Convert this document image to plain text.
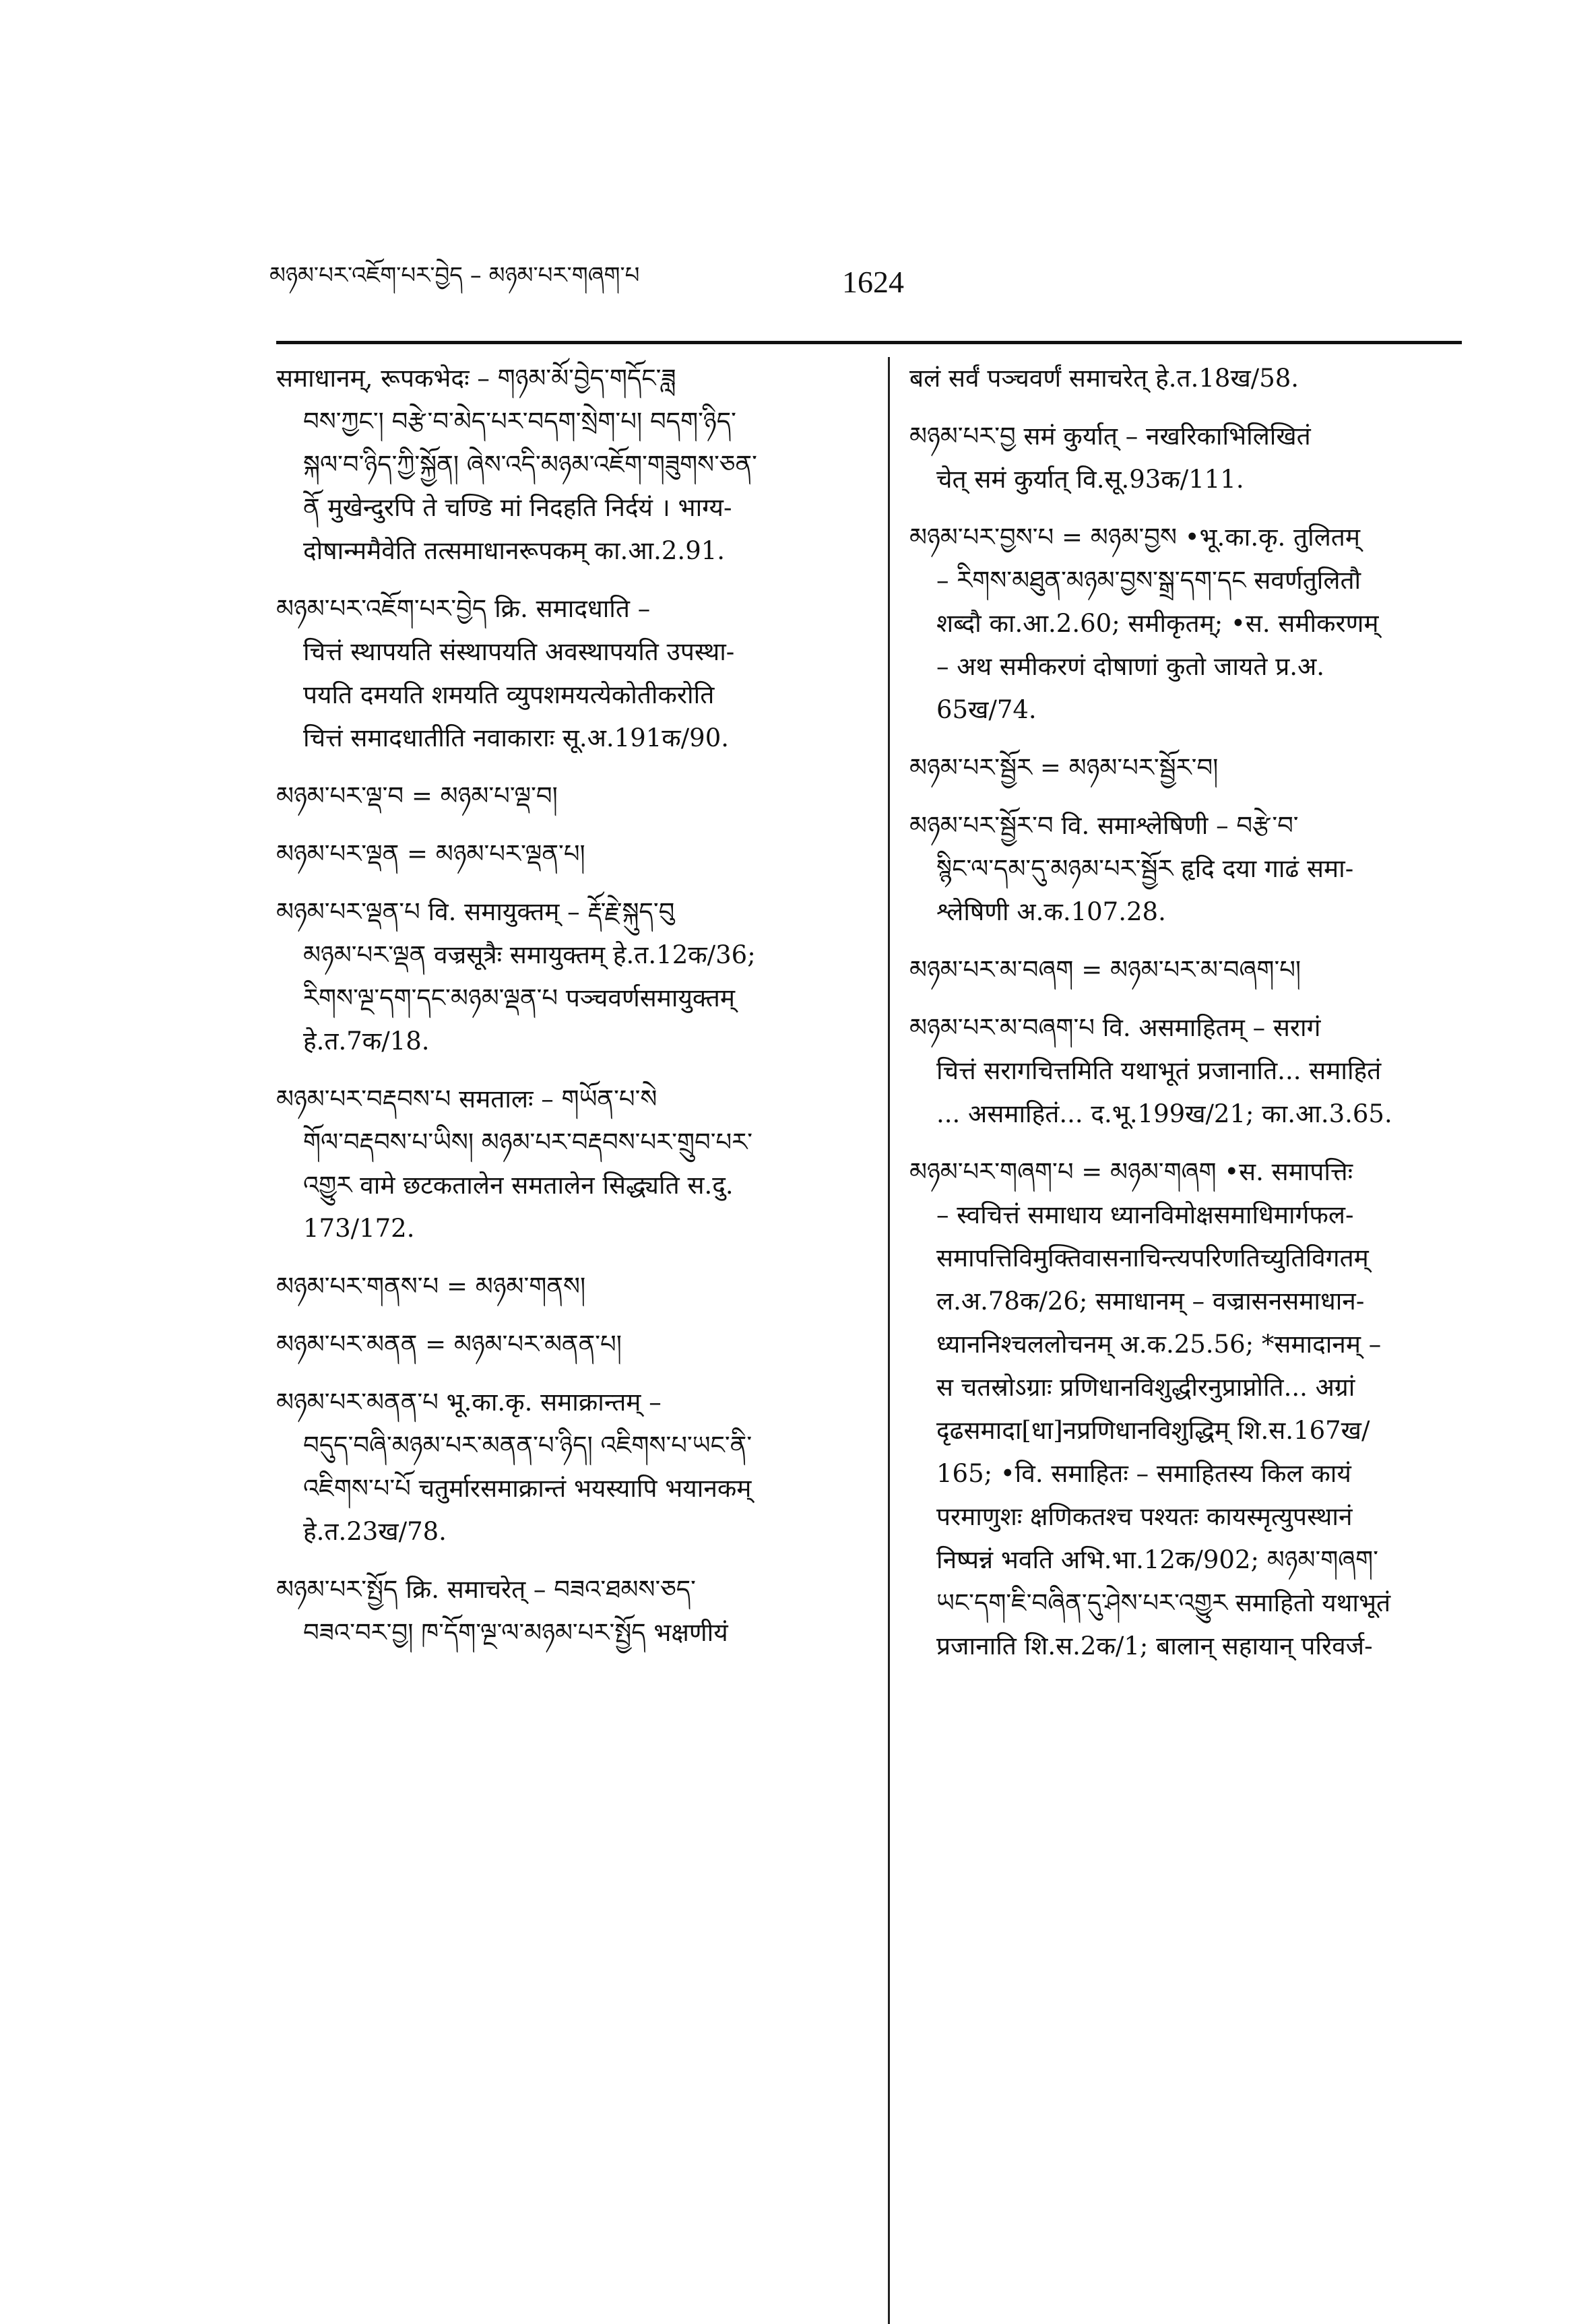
མཉམ་པར་འཇོག་པར་བྱེད – མཉམ་པར་གཞག་པ	1624
समाधानम्, रूपकभेदः – གཉམ་མོ་བྱེད་གདོང་ཟླ
བས་ཀྱང་། བརྩེ་བ་མེད་པར་བདག་སྲེག་པ། བདག་ཉིད་
སྐལ་བ་ཉིད་ཀྱི་སྐྱོན། ཞེས་འདི་མཉམ་འཇོག་གཟུགས་ཅན་
ནོ मुखेन्दुरपि ते चण्डि मां निदहति निर्दयं । भाग्य-
दोषान्ममैवेति तत्समाधानरूपकम् का.आ.2.91.
མཉམ་པར་འཇོག་པར་བྱེད क्रि. समादधाति –
चित्तं स्थापयति संस्थापयति अवस्थापयति उपस्था-
पयति दमयति शमयति व्युपशमयत्येकोतीकरोति
चित्तं समादधातीति नवाकाराः सू.अ.191क/90.
མཉམ་པར་ལྡ་བ = མཉམ་པ་ལྡ་བ།
མཉམ་པར་ལྡན = མཉམ་པར་ལྡན་པ།
མཉམ་པར་ལྡན་པ वि. समायुक्तम् – རྡོ་རྗེ་སྐུད་བུ
མཉམ་པར་ལྡན वज्रसूत्रैः समायुक्तम् हे.त.12क/36;
རིགས་ལྔ་དག་དང་མཉམ་ལྡན་པ पञ्चवर्णसमायुक्तम्
हे.त.7क/18.
མཉམ་པར་བརྡབས་པ समतालः – གཡོན་པ་སེ
གོལ་བརྡབས་པ་ཡིས། མཉམ་པར་བརྡབས་པར་གྲུབ་པར་
འགྱུར वामे छटकतालेन समतालेन सिद्ध्यति स.दु.
173/172.
མཉམ་པར་གནས་པ = མཉམ་གནས།
མཉམ་པར་མནན = མཉམ་པར་མནན་པ།
མཉམ་པར་མནན་པ भू.का.कृ. समाक्रान्तम् –
བདུད་བཞི་མཉམ་པར་མནན་པ་ཉིད། འཇིགས་པ་ཡང་ནི་
འཇིགས་པ་པོ चतुर्मारसमाक्रान्तं भयस्यापि भयानकम्
हे.त.23ख/78.
མཉམ་པར་སྤྱོད क्रि. समाचरेत् – བཟའ་ཐམས་ཅད་
བཟའ་བར་བྱ། ཁ་དོག་ལྔ་ལ་མཉམ་པར་སྤྱོད भक्षणीयं
बलं सर्वं पञ्चवर्णं समाचरेत् हे.त.18ख/58.
མཉམ་པར་བྱ समं कुर्यात् – नखरिकाभिलिखितं
चेत् समं कुर्यात् वि.सू.93क/111.
མཉམ་པར་བྱས་པ = མཉམ་བྱས •भू.का.कृ. तुलितम्
– རིགས་མཐུན་མཉམ་བྱས་སྒྲ་དག་དང सवर्णतुलितौ
शब्दौ का.आ.2.60; समीकृतम्; •स. समीकरणम्
– अथ समीकरणं दोषाणां कुतो जायते प्र.अ.
65ख/74.
མཉམ་པར་སྦྱོར = མཉམ་པར་སྦྱོར་བ།
མཉམ་པར་སྦྱོར་བ वि. समाश्लेषिणी – བརྩེ་བ་
སྙིང་ལ་དམ་དུ་མཉམ་པར་སྦྱོར हृदि दया गाढं समा-
श्लेषिणी अ.क.107.28.
མཉམ་པར་མ་བཞག = མཉམ་པར་མ་བཞག་པ།
མཉམ་པར་མ་བཞག་པ वि. असमाहितम् – सरागं
चित्तं सरागचित्तमिति यथाभूतं प्रजानाति... समाहितं
... असमाहितं... द.भू.199ख/21; का.आ.3.65.
མཉམ་པར་གཞག་པ = མཉམ་གཞག •स. समापत्तिः
– स्वचित्तं समाधाय ध्यानविमोक्षसमाधिमार्गफल-
समापत्तिविमुक्तिवासनाचिन्त्यपरिणतिच्युतिविगतम्
ल.अ.78क/26; समाधानम् – वज्रासनसमाधान-
ध्याननिश्चललोचनम् अ.क.25.56; *समादानम् –
स चतस्रोऽग्राः प्रणिधानविशुद्धीरनुप्राप्नोति... अग्रां
दृढसमादा[धा]नप्रणिधानविशुद्धिम् शि.स.167ख/
165; •वि. समाहितः – समाहितस्य किल कायं
परमाणुशः क्षणिकतश्च पश्यतः कायस्मृत्युपस्थानं
निष्पन्नं भवति अभि.भा.12क/902; མཉམ་གཞག་
ཡང་དག་ཇི་བཞིན་དུ་ཤེས་པར་འགྱུར समाहितो यथाभूतं
प्रजानाति शि.स.2क/1; बालान् सहायान् परिवर्ज-
